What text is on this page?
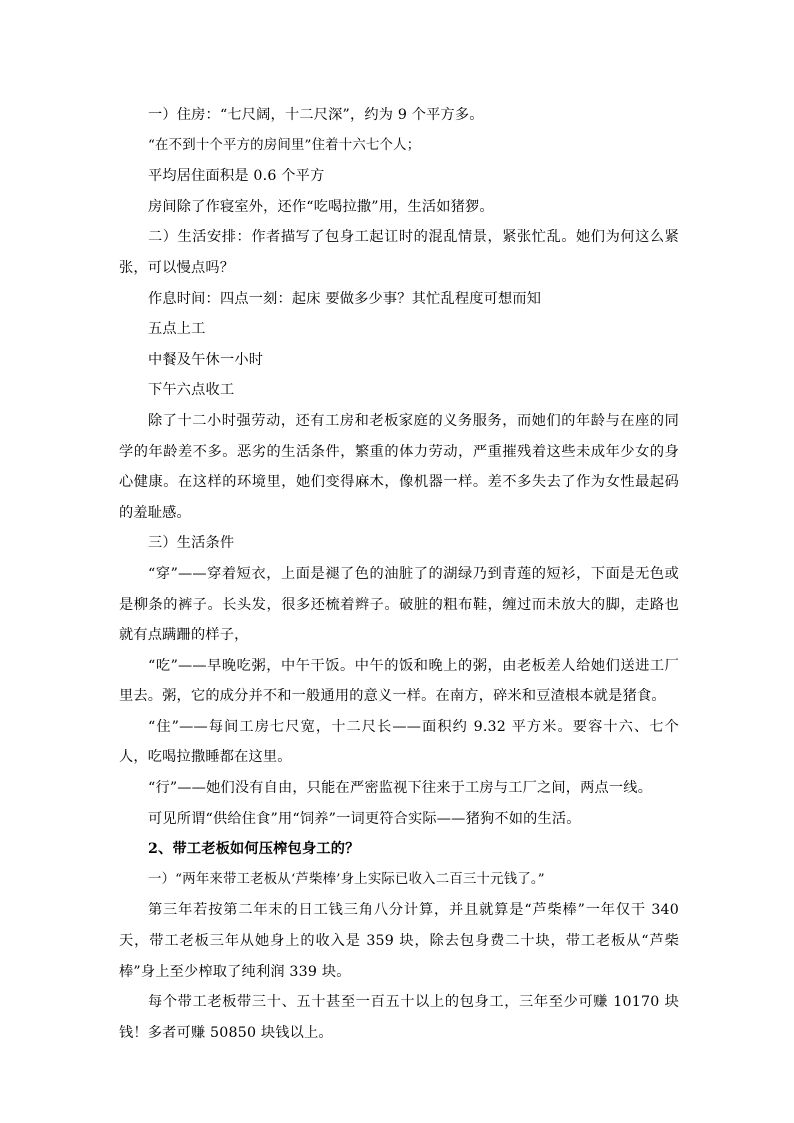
一）住房：“七尺阔，十二尺深”，约为 9 个平方多。

“在不到十个平方的房间里”住着十六七个人；

平均居住面积是 0.6 个平方

房间除了作寝室外，还作“吃喝拉撒”用，生活如猪猡。

二）生活安排：作者描写了包身工起讧时的混乱情景，紧张忙乱。她们为何这么紧张，可以慢点吗？

作息时间：四点一刻：起床 要做多少事？其忙乱程度可想而知

五点上工

中餐及午休一小时

下午六点收工

除了十二小时强劳动，还有工房和老板家庭的义务服务，而她们的年龄与在座的同学的年龄差不多。恶劣的生活条件，繁重的体力劳动，严重摧残着这些未成年少女的身心健康。在这样的环境里，她们变得麻木，像机器一样。差不多失去了作为女性最起码的羞耻感。

三）生活条件

“穿”——穿着短衣，上面是褪了色的油脏了的湖绿乃到青莲的短衫，下面是无色或是柳条的裤子。长头发，很多还梳着辫子。破脏的粗布鞋，缠过而未放大的脚，走路也就有点蹒跚的样子，

“吃”——早晚吃粥，中午干饭。中午的饭和晚上的粥，由老板差人给她们送进工厂里去。粥，它的成分并不和一般通用的意义一样。在南方，碎米和豆渣根本就是猪食。

“住”——每间工房七尺宽，十二尺长——面积约 9.32 平方米。要容十六、七个人，吃喝拉撒睡都在这里。

“行”——她们没有自由，只能在严密监视下往来于工房与工厂之间，两点一线。

可见所谓“供给住食”用“饲养”一词更符合实际——猪狗不如的生活。

2、带工老板如何压榨包身工的？

一）“两年来带工老板从‘芦柴棒’身上实际已收入二百三十元钱了。”

第三年若按第二年末的日工钱三角八分计算，并且就算是“芦柴棒”一年仅干 340 天，带工老板三年从她身上的收入是 359 块，除去包身费二十块，带工老板从“芦柴棒”身上至少榨取了纯利润 339 块。

每个带工老板带三十、五十甚至一百五十以上的包身工，三年至少可赚 10170 块钱！多者可赚 50850 块钱以上。
